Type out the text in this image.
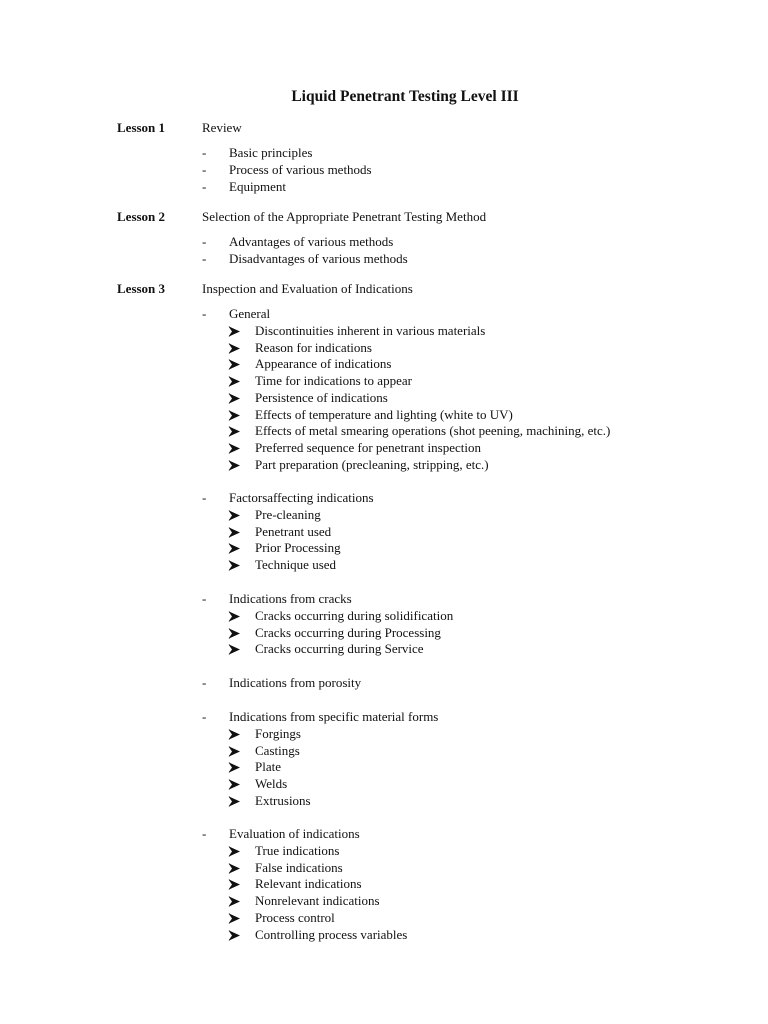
Liquid Penetrant Testing Level III
Lesson 1	Review
- Basic principles
- Process of various methods
- Equipment
Lesson 2	Selection of the Appropriate Penetrant Testing Method
- Advantages of various methods
- Disadvantages of various methods
Lesson 3	Inspection and Evaluation of Indications
- General
Discontinuities inherent in various materials
Reason for indications
Appearance of indications
Time for indications to appear
Persistence of indications
Effects of temperature and lighting (white to UV)
Effects of metal smearing operations (shot peening, machining, etc.)
Preferred sequence for penetrant inspection
Part preparation (precleaning, stripping, etc.)
- Factorsaffecting indications
Pre-cleaning
Penetrant used
Prior Processing
Technique used
- Indications from cracks
Cracks occurring during solidification
Cracks occurring during Processing
Cracks occurring during Service
- Indications from porosity
- Indications from specific material forms
Forgings
Castings
Plate
Welds
Extrusions
- Evaluation of indications
True indications
False indications
Relevant indications
Nonrelevant indications
Process control
Controlling process variables
